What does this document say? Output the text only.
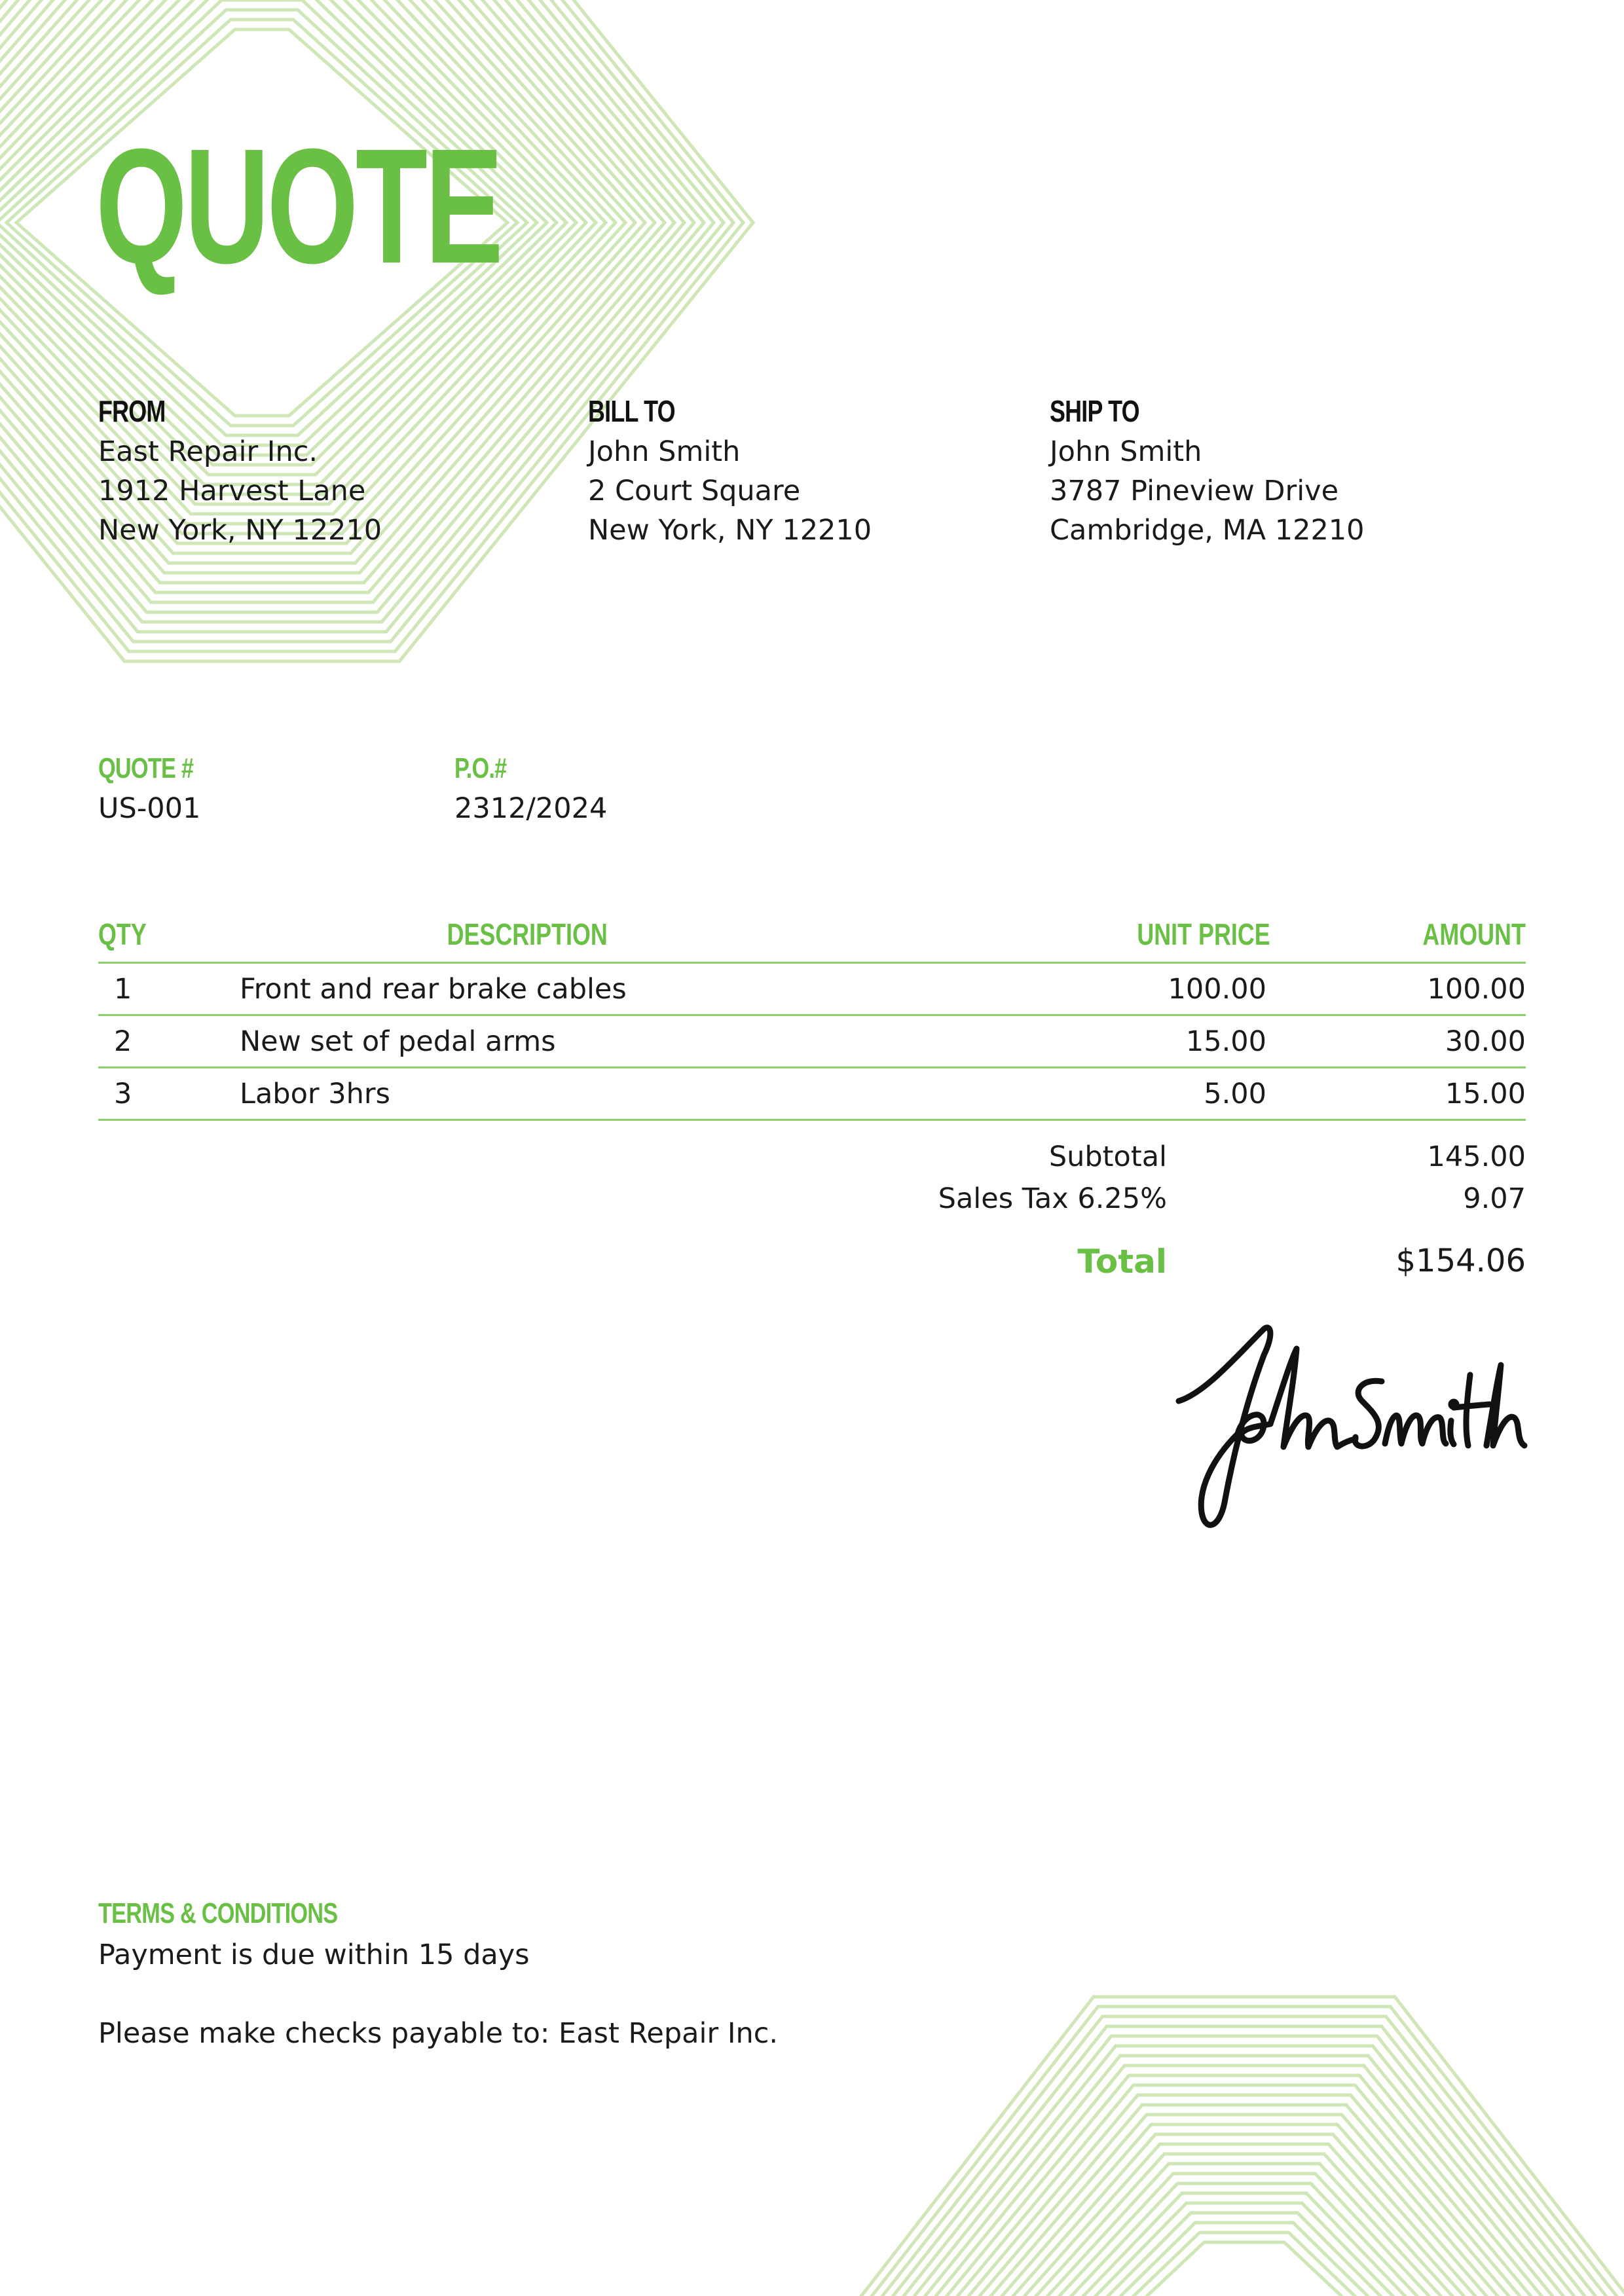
QUOTE
FROM
East Repair Inc.
1912 Harvest Lane
New York, NY 12210
BILL TO
John Smith
2 Court Square
New York, NY 12210
SHIP TO
John Smith
3787 Pineview Drive
Cambridge, MA 12210
QUOTE #
US-001
P.O.#
2312/2024
QTY	DESCRIPTION	UNIT PRICE	AMOUNT
1	Front and rear brake cables	100.00	100.00
2	New set of pedal arms	15.00	30.00
3	Labor 3hrs	5.00	15.00
Subtotal	145.00
Sales Tax 6.25%	9.07
Total	$154.06
TERMS & CONDITIONS
Payment is due within 15 days
Please make checks payable to: East Repair Inc.
